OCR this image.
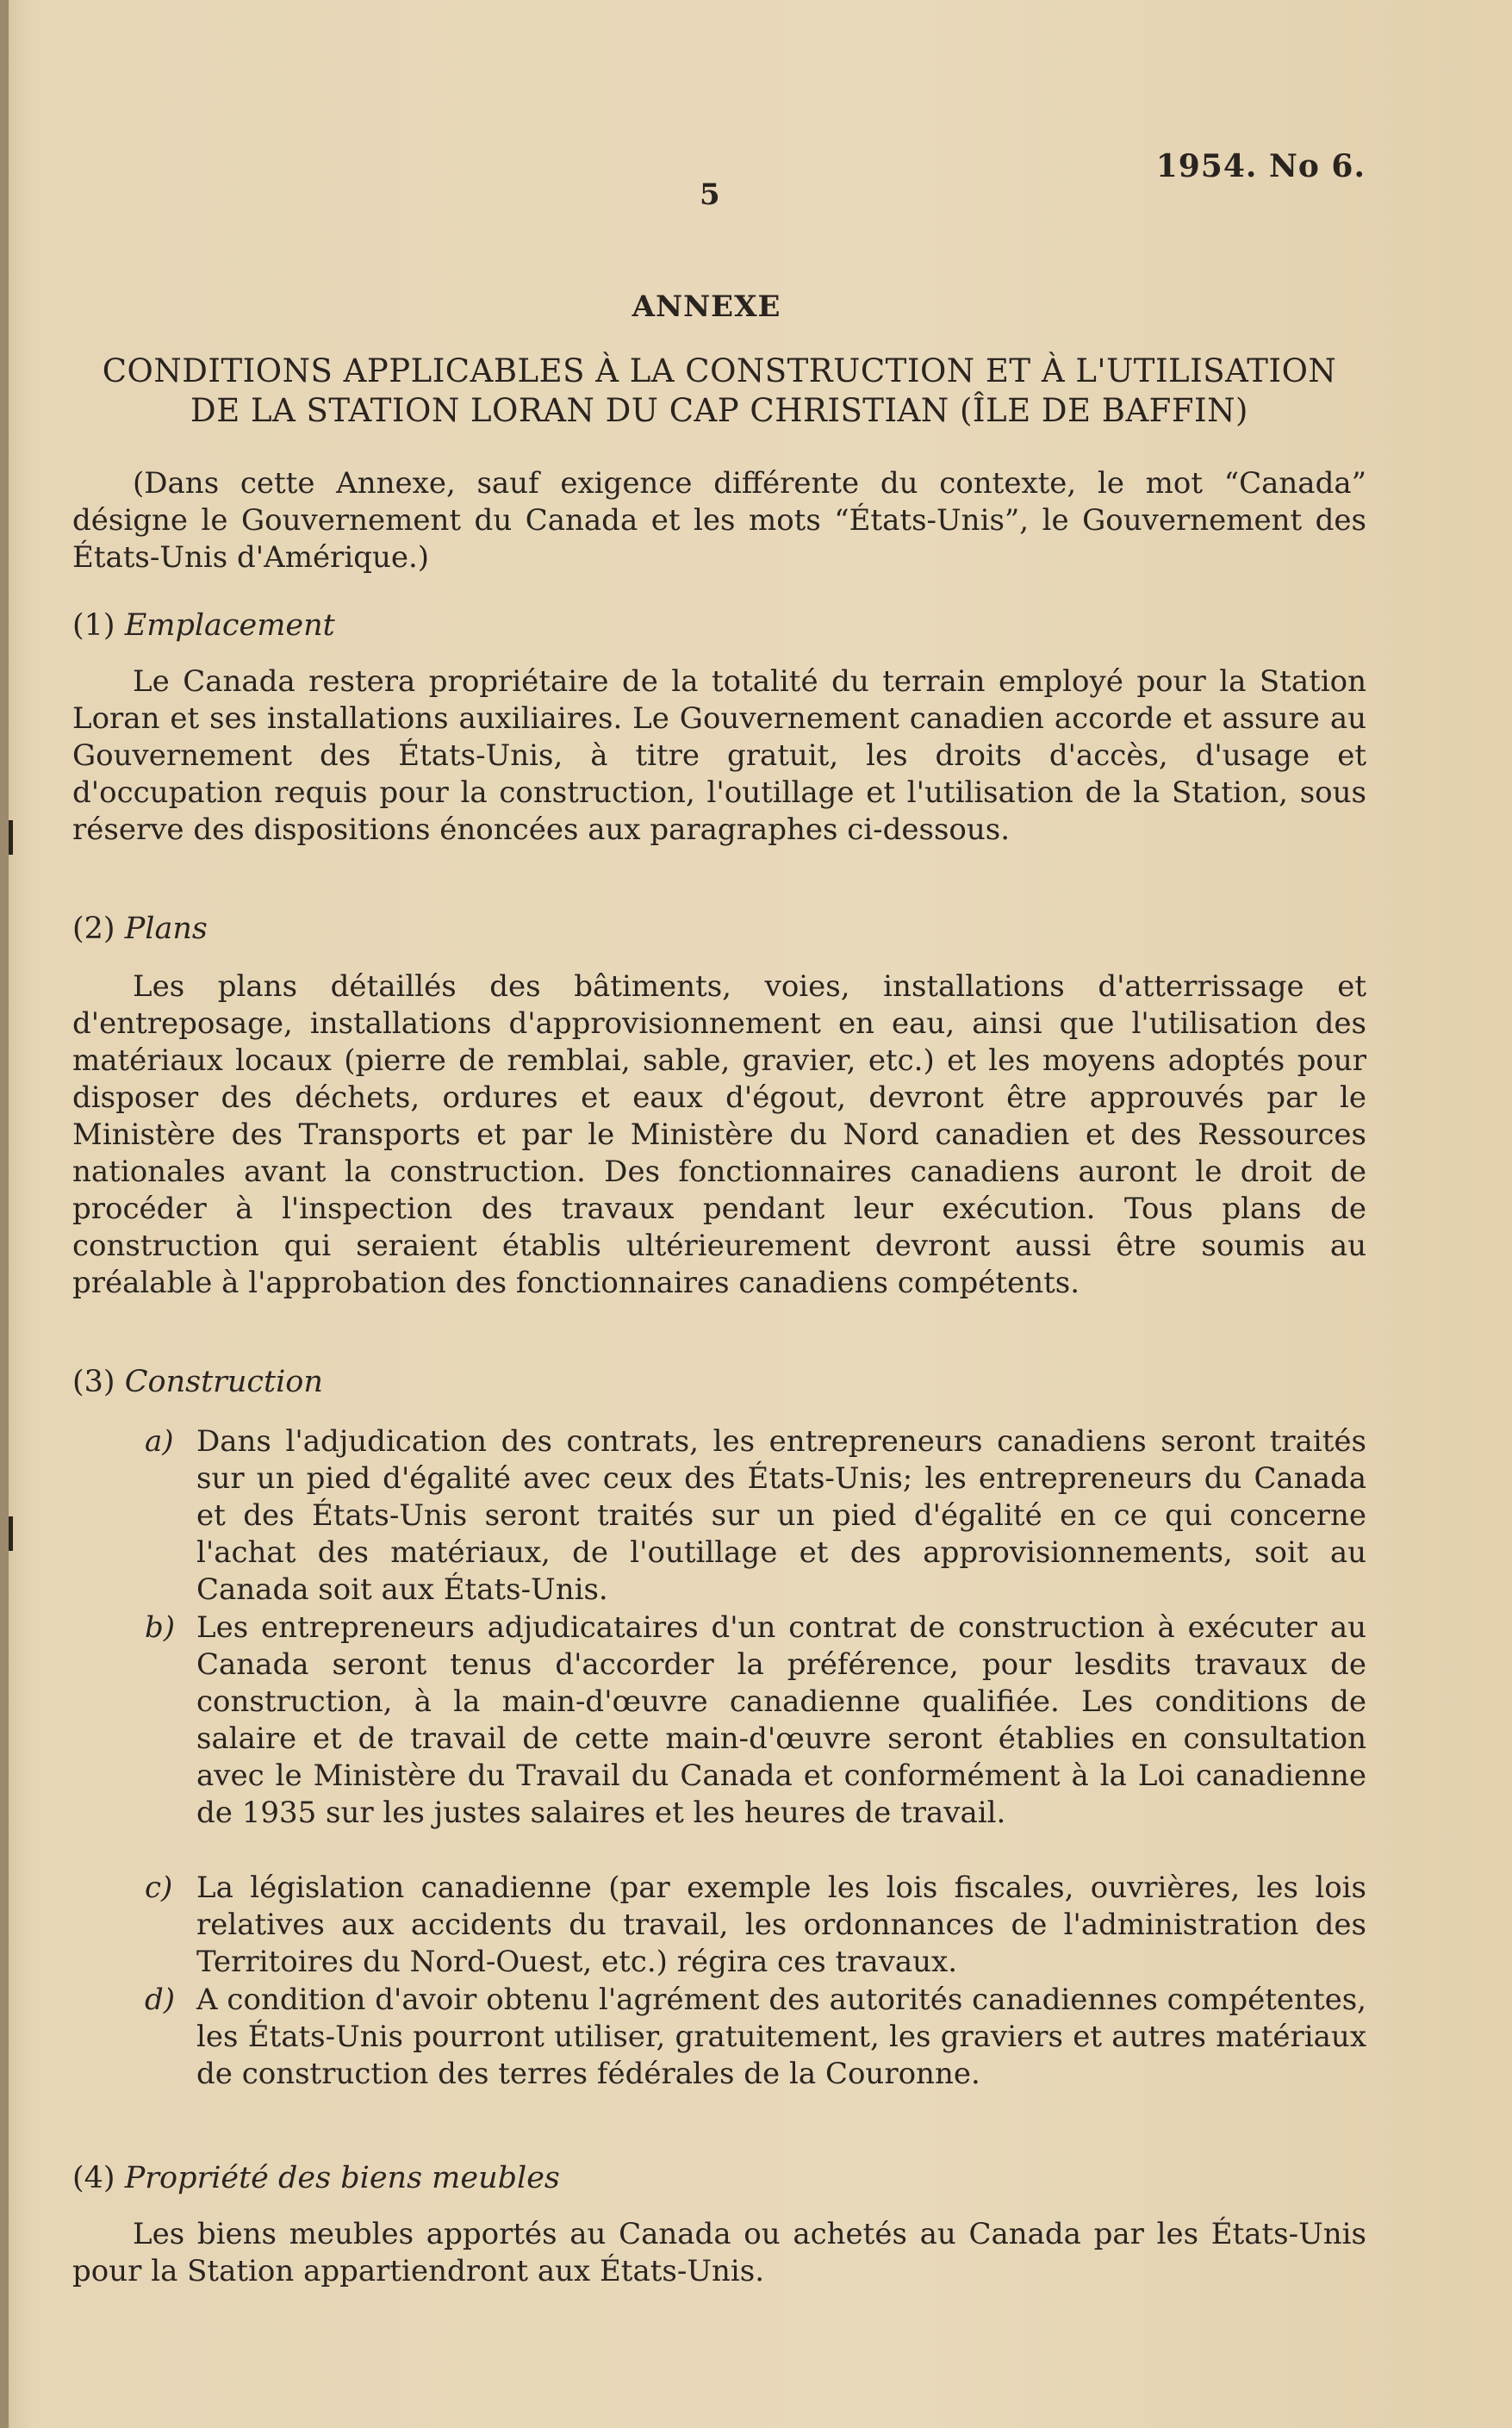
5
1954. No 6.
ANNEXE
CONDITIONS APPLICABLES À LA CONSTRUCTION ET À L'UTILISATION DE LA STATION LORAN DU CAP CHRISTIAN (ÎLE DE BAFFIN)
(Dans cette Annexe, sauf exigence différente du contexte, le mot “Canada” désigne le Gouvernement du Canada et les mots “États-Unis”, le Gouvernement des États-Unis d'Amérique.)
(1) Emplacement
Le Canada restera propriétaire de la totalité du terrain employé pour la Station Loran et ses installations auxiliaires. Le Gouvernement canadien accorde et assure au Gouvernement des États-Unis, à titre gratuit, les droits d'accès, d'usage et d'occupation requis pour la construction, l'outillage et l'utilisation de la Station, sous réserve des dispositions énoncées aux paragraphes ci-dessous.
(2) Plans
Les plans détaillés des bâtiments, voies, installations d'atterrissage et d'entreposage, installations d'approvisionnement en eau, ainsi que l'utilisation des matériaux locaux (pierre de remblai, sable, gravier, etc.) et les moyens adoptés pour disposer des déchets, ordures et eaux d'égout, devront être approuvés par le Ministère des Transports et par le Ministère du Nord canadien et des Ressources nationales avant la construction. Des fonctionnaires canadiens auront le droit de procéder à l'inspection des travaux pendant leur exécution. Tous plans de construction qui seraient établis ultérieurement devront aussi être soumis au préalable à l'approbation des fonctionnaires canadiens compétents.
(3) Construction
a) Dans l'adjudication des contrats, les entrepreneurs canadiens seront traités sur un pied d'égalité avec ceux des États-Unis; les entrepreneurs du Canada et des États-Unis seront traités sur un pied d'égalité en ce qui concerne l'achat des matériaux, de l'outillage et des approvisionnements, soit au Canada soit aux États-Unis.
b) Les entrepreneurs adjudicataires d'un contrat de construction à exécuter au Canada seront tenus d'accorder la préférence, pour lesdits travaux de construction, à la main-d'œuvre canadienne qualifiée. Les conditions de salaire et de travail de cette main-d'œuvre seront établies en consultation avec le Ministère du Travail du Canada et conformément à la Loi canadienne de 1935 sur les justes salaires et les heures de travail.
c) La législation canadienne (par exemple les lois fiscales, ouvrières, les lois relatives aux accidents du travail, les ordonnances de l'administration des Territoires du Nord-Ouest, etc.) régira ces travaux.
d) A condition d'avoir obtenu l'agrément des autorités canadiennes compétentes, les États-Unis pourront utiliser, gratuitement, les graviers et autres matériaux de construction des terres fédérales de la Couronne.
(4) Propriété des biens meubles
Les biens meubles apportés au Canada ou achetés au Canada par les États-Unis pour la Station appartiendront aux États-Unis.
